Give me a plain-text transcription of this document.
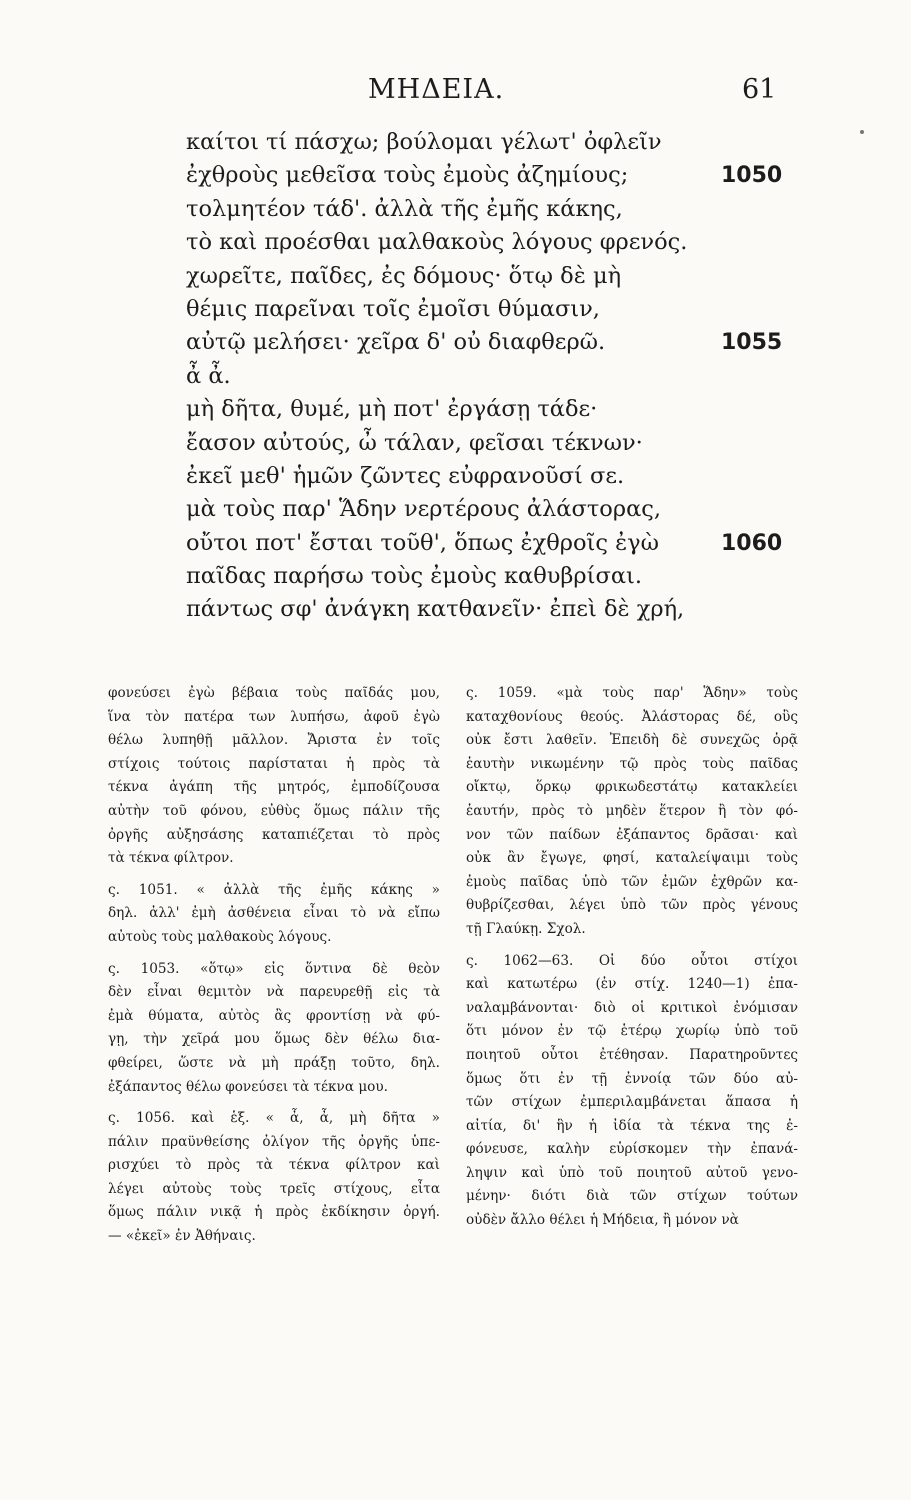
ΜΗΔΕΙΑ.	61
καίτοι τί πάσχω; βούλομαι γέλωτ' ὀφλεῖν
ἐχθροὺς μεθεῖσα τοὺς ἐμοὺς ἀζημίους;	1050
τολμητέον τάδ'. ἀλλὰ τῆς ἐμῆς κάκης,
τὸ καὶ προέσθαι μαλθακοὺς λόγους φρενός.
χωρεῖτε, παῖδες, ἐς δόμους· ὅτῳ δὲ μὴ
θέμις παρεῖναι τοῖς ἐμοῖσι θύμασιν,
αὐτῷ μελήσει· χεῖρα δ' οὐ διαφθερῶ.	1055
ἆ ἆ.
μὴ δῆτα, θυμέ, μὴ ποτ' ἐργάσῃ τάδε·
ἔασον αὐτούς, ὦ τάλαν, φεῖσαι τέκνων·
ἐκεῖ μεθ' ἡμῶν ζῶντες εὐφρανοῦσί σε.
μὰ τοὺς παρ' Ἅδην νερτέρους ἀλάστορας,
οὔτοι ποτ' ἔσται τοῦθ', ὅπως ἐχθροῖς ἐγὼ	1060
παῖδας παρήσω τοὺς ἐμοὺς καθυβρίσαι.
πάντως σφ' ἀνάγκη κατθανεῖν· ἐπεὶ δὲ χρή,
φονεύσει ἐγὼ βέβαια τοὺς παῖδάς μου,
ἵνα τὸν πατέρα των λυπήσω, ἀφοῦ ἐγὼ
θέλω λυπηθῇ μᾶλλον. Ἄριστα ἐν τοῖς
στίχοις τούτοις παρίσταται ἡ πρὸς τὰ
τέκνα ἀγάπη τῆς μητρός, ἐμποδίζουσα
αὐτὴν τοῦ φόνου, εὐθὺς ὅμως πάλιν τῆς
ὀργῆς αὐξησάσης καταπιέζεται τὸ πρὸς
τὰ τέκνα φίλτρον.
ς. 1051. « ἀλλὰ τῆς ἐμῆς κάκης »
δηλ. ἀλλ' ἐμὴ ἀσθένεια εἶναι τὸ νὰ εἴπω
αὐτοὺς τοὺς μαλθακοὺς λόγους.
ς. 1053. «ὅτῳ» εἰς ὅντινα δὲ θεὸν
δὲν εἶναι θεμιτὸν νὰ παρευρεθῇ εἰς τὰ
ἐμὰ θύματα, αὐτὸς ἂς φροντίσῃ νὰ φύ-
γῃ, τὴν χεῖρά μου ὅμως δὲν θέλω δια-
φθείρει, ὥστε νὰ μὴ πράξῃ τοῦτο, δηλ.
ἐξάπαντος θέλω φονεύσει τὰ τέκνα μου.
ς. 1056. καὶ ἑξ. « ἆ, ἆ, μὴ δῆτα »
πάλιν πραϋνθείσης ὀλίγον τῆς ὀργῆς ὑπε-
ρισχύει τὸ πρὸς τὰ τέκνα φίλτρον καὶ
λέγει αὐτοὺς τοὺς τρεῖς στίχους, εἶτα
ὅμως πάλιν νικᾷ ἡ πρὸς ἐκδίκησιν ὀργή.
— «ἐκεῖ» ἐν Ἀθήναις.
ς. 1059. «μὰ τοὺς παρ' Ἅδην» τοὺς
καταχθονίους θεούς. Ἀλάστορας δέ, οὓς
οὐκ ἔστι λαθεῖν. Ἐπειδὴ δὲ συνεχῶς ὁρᾷ
ἑαυτὴν νικωμένην τῷ πρὸς τοὺς παῖδας
οἴκτῳ, ὅρκῳ φρικωδεστάτῳ κατακλείει
ἑαυτήν, πρὸς τὸ μηδὲν ἕτερον ἢ τὸν φό-
νον τῶν παίδων ἐξάπαντος δρᾶσαι· καὶ
οὐκ ἂν ἔγωγε, φησί, καταλείψαιμι τοὺς
ἐμοὺς παῖδας ὑπὸ τῶν ἐμῶν ἐχθρῶν κα-
θυβρίζεσθαι, λέγει ὑπὸ τῶν πρὸς γένους
τῇ Γλαύκῃ. Σχολ.
ς. 1062—63. Οἱ δύο οὗτοι στίχοι
καὶ κατωτέρω (ἐν στίχ. 1240—1) ἐπα-
ναλαμβάνονται· διὸ οἱ κριτικοὶ ἐνόμισαν
ὅτι μόνον ἐν τῷ ἑτέρῳ χωρίῳ ὑπὸ τοῦ
ποιητοῦ οὗτοι ἐτέθησαν. Παρατηροῦντες
ὅμως ὅτι ἐν τῇ ἐννοίᾳ τῶν δύο αὐ-
τῶν στίχων ἐμπεριλαμβάνεται ἅπασα ἡ
αἰτία, δι' ἣν ἡ ἰδία τὰ τέκνα της ἐ-
φόνευσε, καλὴν εὑρίσκομεν τὴν ἐπανά-
ληψιν καὶ ὑπὸ τοῦ ποιητοῦ αὐτοῦ γενο-
μένην· διότι διὰ τῶν στίχων τούτων
οὐδὲν ἄλλο θέλει ἡ Μήδεια, ἢ μόνον νὰ
